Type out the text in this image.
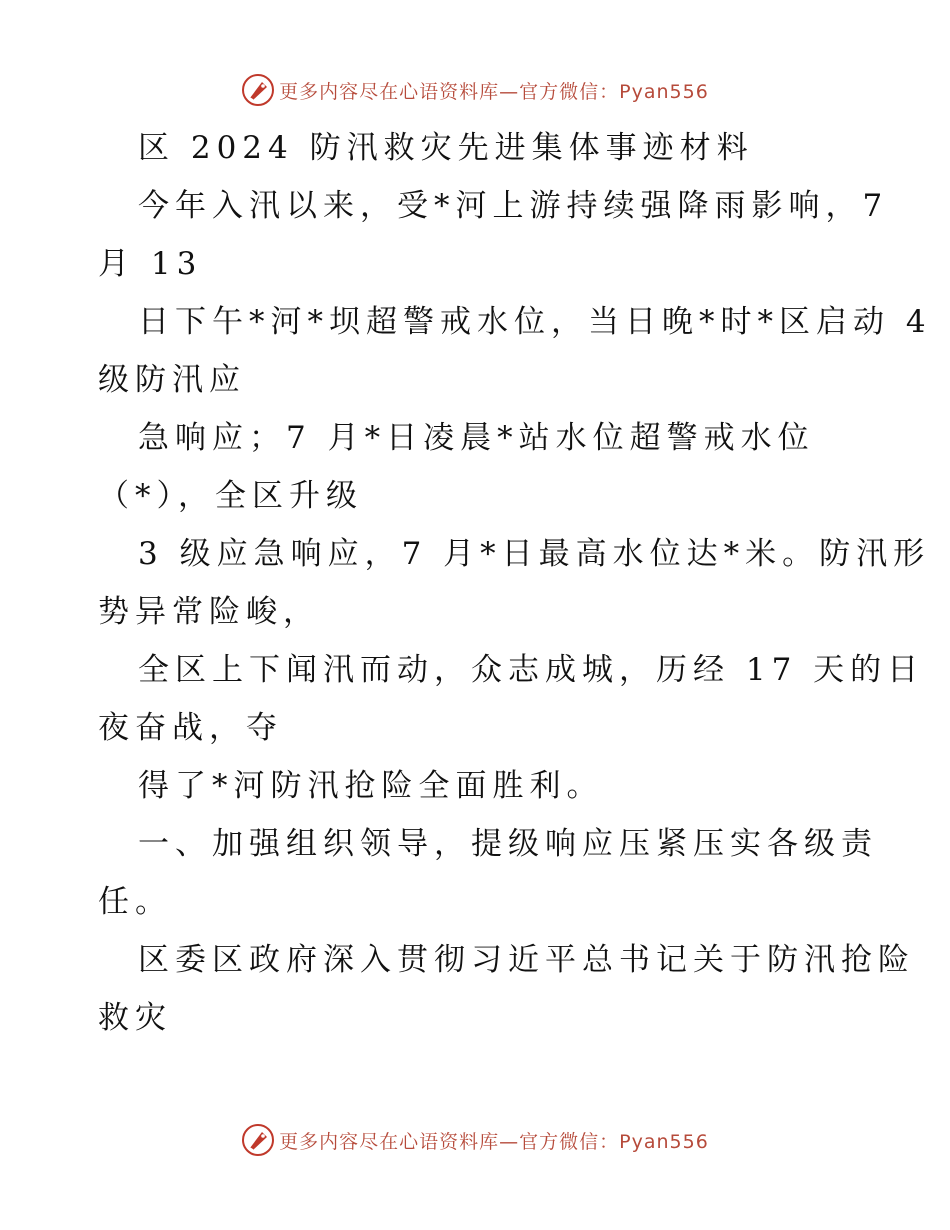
更多内容尽在心语资料库—官方微信：Pyan556
区 2024 防汛救灾先进集体事迹材料
今年入汛以来，受*河上游持续强降雨影响，7
月 13
日下午*河*坝超警戒水位，当日晚*时*区启动 4
级防汛应
急响应；7 月*日凌晨*站水位超警戒水位
（*），全区升级
3 级应急响应，7 月*日最高水位达*米。防汛形
势异常险峻，
全区上下闻汛而动，众志成城，历经 17 天的日
夜奋战，夺
得了*河防汛抢险全面胜利。
一、加强组织领导，提级响应压紧压实各级责
任。
区委区政府深入贯彻习近平总书记关于防汛抢险
救灾
更多内容尽在心语资料库—官方微信：Pyan556
